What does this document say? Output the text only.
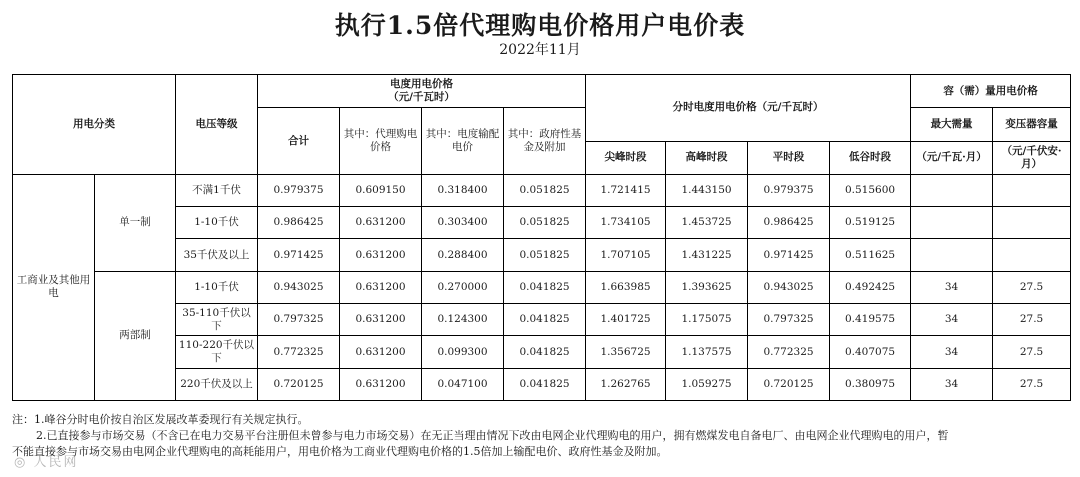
执行1.5倍代理购电价格用户电价表
2022年11月
用电分类		电压等级	电度用电价格
（元/千瓦时）				分时电度用电价格（元/千瓦时）				容（需）量用电价格	
			合计	其中：代理购电价格	其中：电度输配电价	其中：政府性基金及附加					最大需量	变压器容量
							尖峰时段	高峰时段	平时段	低谷时段	（元/千瓦·月）	（元/千伏安·月）
工商业及其他用电	单一制	不满1千伏	0.979375	0.609150	0.318400	0.051825	1.721415	1.443150	0.979375	0.515600		
		1-10千伏	0.986425	0.631200	0.303400	0.051825	1.734105	1.453725	0.986425	0.519125		
		35千伏及以上	0.971425	0.631200	0.288400	0.051825	1.707105	1.431225	0.971425	0.511625		
	两部制	1-10千伏	0.943025	0.631200	0.270000	0.041825	1.663985	1.393625	0.943025	0.492425	34	27.5
		35-110千伏以下	0.797325	0.631200	0.124300	0.041825	1.401725	1.175075	0.797325	0.419575	34	27.5
		110-220千伏以下	0.772325	0.631200	0.099300	0.041825	1.356725	1.137575	0.772325	0.407075	34	27.5
		220千伏及以上	0.720125	0.631200	0.047100	0.041825	1.262765	1.059275	0.720125	0.380975	34	27.5
注：1.峰谷分时电价按自治区发展改革委现行有关规定执行。
2.已直接参与市场交易（不含已在电力交易平台注册但未曾参与电力市场交易）在无正当理由情况下改由电网企业代理购电的用户，拥有燃煤发电自备电厂、由电网企业代理购电的用户，暂
不能直接参与市场交易由电网企业代理购电的高耗能用户，用电价格为工商业代理购电价格的1.5倍加上输配电价、政府性基金及附加。
◎ 人民网
